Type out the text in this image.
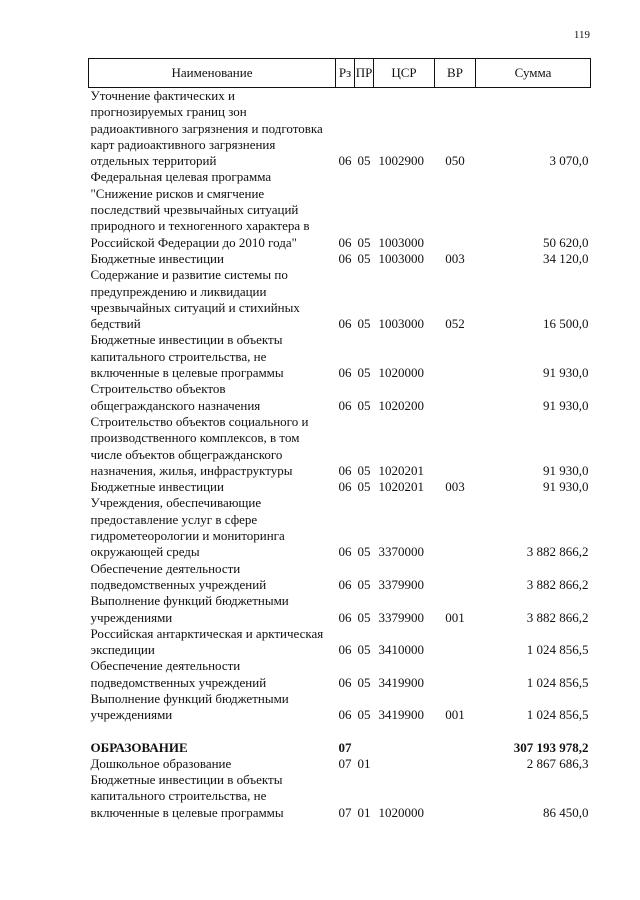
119
Наименование	Рз	ПР	ЦСР	ВР	Сумма
Уточнение фактических и прогнозируемых границ зон радиоактивного загрязнения и подготовка карт радиоактивного загрязнения отдельных территорий	06	05	1002900	050	3 070,0
Федеральная целевая программа "Снижение рисков и смягчение последствий чрезвычайных ситуаций природного и техногенного характера в Российской Федерации до 2010 года"	06	05	1003000		50 620,0
Бюджетные инвестиции	06	05	1003000	003	34 120,0
Содержание и развитие системы по предупреждению и ликвидации чрезвычайных ситуаций и стихийных бедствий	06	05	1003000	052	16 500,0
Бюджетные инвестиции в объекты капитального строительства, не включенные в целевые программы	06	05	1020000		91 930,0
Строительство объектов общегражданского назначения	06	05	1020200		91 930,0
Строительство объектов социального и производственного комплексов, в том числе объектов общегражданского назначения, жилья, инфраструктуры	06	05	1020201		91 930,0
Бюджетные инвестиции	06	05	1020201	003	91 930,0
Учреждения, обеспечивающие предоставление услуг в сфере гидрометеорологии и мониторинга окружающей среды	06	05	3370000		3 882 866,2
Обеспечение деятельности подведомственных учреждений	06	05	3379900		3 882 866,2
Выполнение функций бюджетными учреждениями	06	05	3379900	001	3 882 866,2
Российская антарктическая и арктическая экспедиции	06	05	3410000		1 024 856,5
Обеспечение деятельности подведомственных учреждений	06	05	3419900		1 024 856,5
Выполнение функций бюджетными учреждениями	06	05	3419900	001	1 024 856,5

ОБРАЗОВАНИЕ	07				307 193 978,2
Дошкольное образование	07	01			2 867 686,3
Бюджетные инвестиции в объекты капитального строительства, не включенные в целевые программы	07	01	1020000		86 450,0
